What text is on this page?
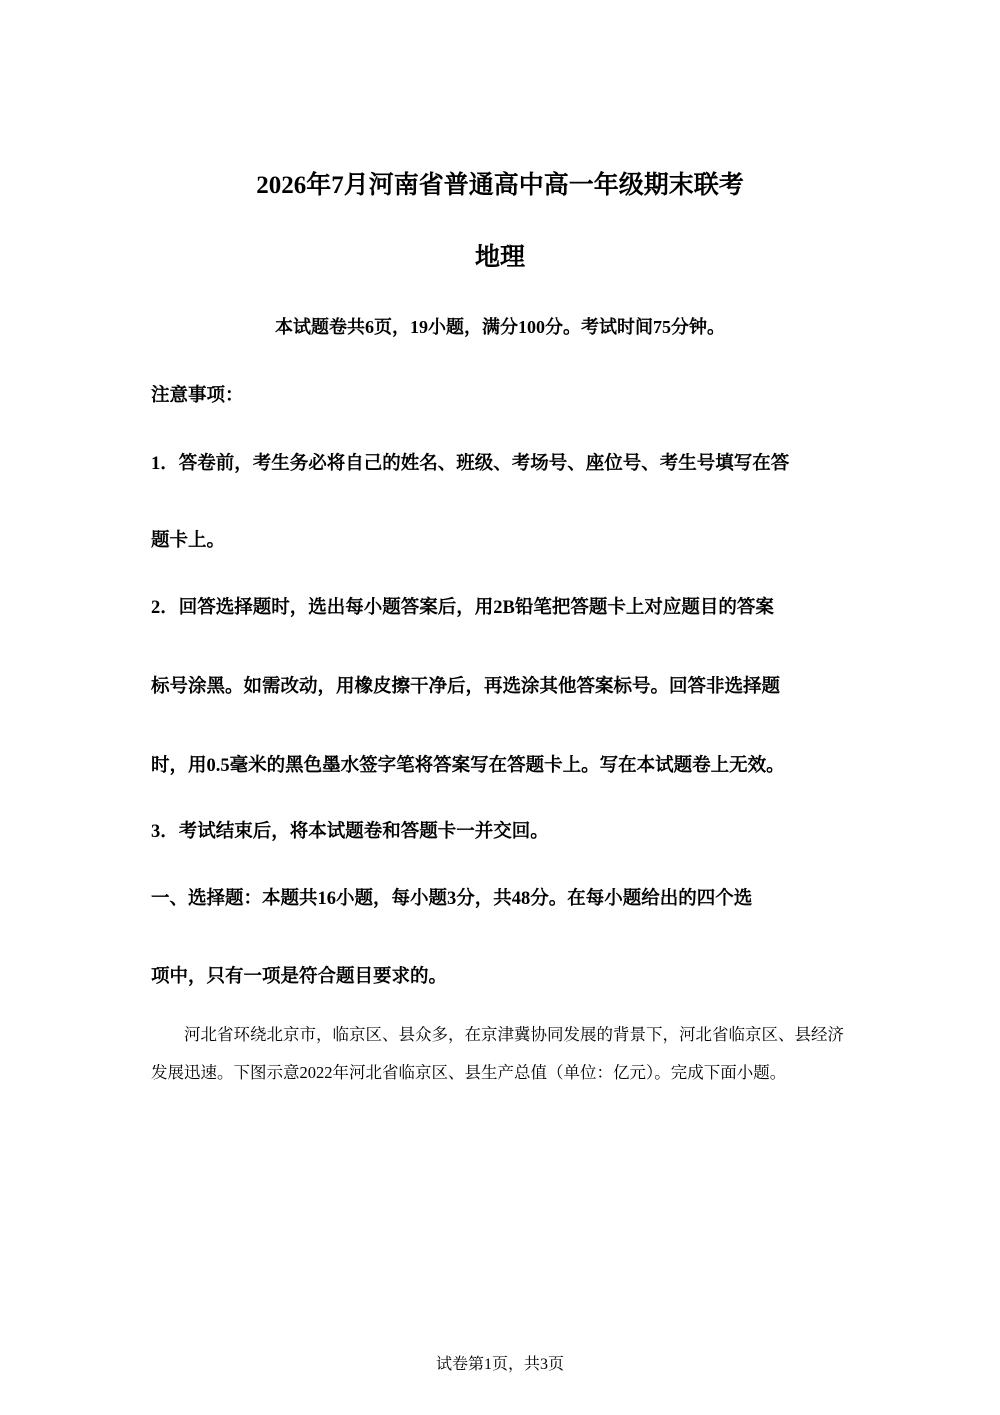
2026年7月河南省普通高中高一年级期末联考
地理
本试题卷共6页，19小题，满分100分。考试时间75分钟。
注意事项：
1．答卷前，考生务必将自己的姓名、班级、考场号、座位号、考生号填写在答
题卡上。
2．回答选择题时，选出每小题答案后，用2B铅笔把答题卡上对应题目的答案
标号涂黑。如需改动，用橡皮擦干净后，再选涂其他答案标号。回答非选择题
时，用0.5毫米的黑色墨水签字笔将答案写在答题卡上。写在本试题卷上无效。
3．考试结束后，将本试题卷和答题卡一并交回。
一、选择题：本题共16小题，每小题3分，共48分。在每小题给出的四个选
项中，只有一项是符合题目要求的。
河北省环绕北京市，临京区、县众多，在京津冀协同发展的背景下，河北省临京区、县经济发展迅速。下图示意2022年河北省临京区、县生产总值（单位：亿元）。完成下面小题。
试卷第1页，共3页
